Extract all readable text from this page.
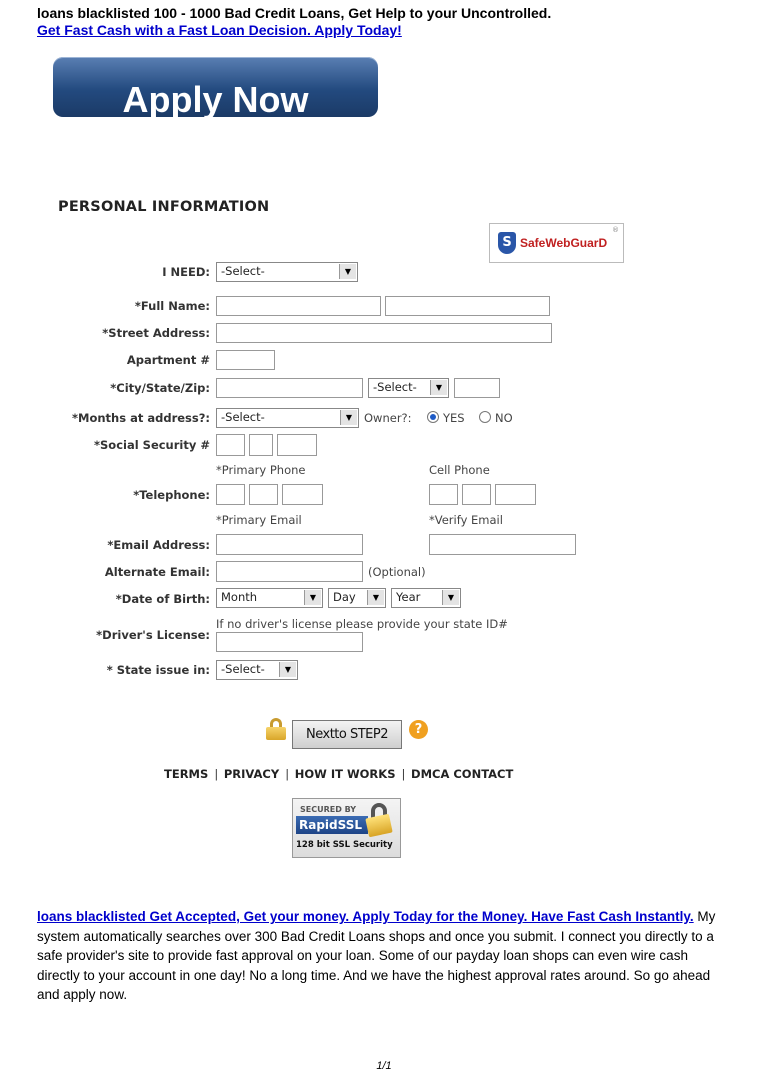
loans blacklisted 100 - 1000 Bad Credit Loans, Get Help to your Uncontrolled.
Get Fast Cash with a Fast Loan Decision. Apply Today!
Apply Now
PERSONAL INFORMATION
S SafeWebGuarD
®
I NEED: -Select-	▼
*Full Name:
*Street Address:
Apartment #
*City/State/Zip:	-Select-	▼
*Months at address?: -Select-	▼	Owner?:	YES	NO
*Social Security #
*Primary Phone	Cell Phone
*Telephone:
*Primary Email	*Verify Email
*Email Address:
Alternate Email:	(Optional)
*Date of Birth: Month	▼	Day	▼	Year	▼
If no driver's license please provide your state ID#
*Driver's License:
* State issue in: -Select-	▼
Nextto STEP2	?
TERMS | PRIVACY | HOW IT WORKS | DMCA CONTACT
SECURED BY
RapidSSL
128 bit SSL Security
loans blacklisted Get Accepted, Get your money. Apply Today for the Money. Have Fast Cash Instantly. My system automatically searches over 300 Bad Credit Loans shops and once you submit. I connect you directly to a safe provider's site to provide fast approval on your loan. Some of our payday loan shops can even wire cash directly to your account in one day! No a long time. And we have the highest approval rates around. So go ahead and apply now.
1/1
